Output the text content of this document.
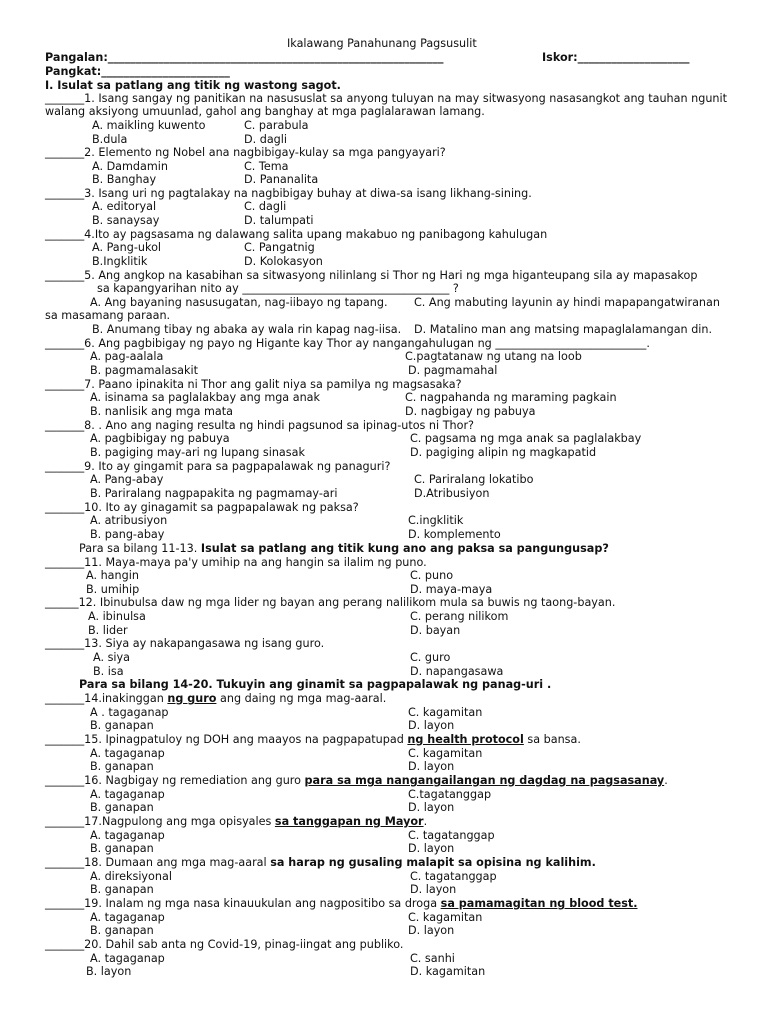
Ikalawang Panahunang Pagsusulit
Pangalan:____________________________________________________________	Iskor:____________________
Pangkat:_______________________
I. Isulat sa patlang ang titik ng wastong sagot.
_______1. Isang sangay ng panitikan na nasususlat sa anyong tuluyan na may sitwasyong nasasangkot ang tauhan ngunit
walang aksiyong umuunlad, gahol ang banghay at mga paglalarawan lamang.
A. maikling kuwento	C. parabula
B.dula	D. dagli
_______2. Elemento ng Nobel ana nagbibigay-kulay sa mga pangyayari?
A. Damdamin	C. Tema
B. Banghay	D. Pananalita
_______3. Isang uri ng pagtalakay na nagbibigay buhay at diwa-sa isang likhang-sining.
A. editoryal	C. dagli
B. sanaysay	D. talumpati
_______4.Ito ay pagsasama ng dalawang salita upang makabuo ng panibagong kahulugan
A. Pang-ukol	C. Pangatnig
B.Ingklitik	D. Kolokasyon
_______5. Ang angkop na kasabihan sa sitwasyong nilinlang si Thor ng Hari ng mga higanteupang sila ay mapasakop
sa kapangyarihan nito ay _____________________________________ ?
A. Ang bayaning nasusugatan, nag-iibayo ng tapang. C. Ang mabuting layunin ay hindi mapapangatwiranan
sa masamang paraan.
B. Anumang tibay ng abaka ay wala rin kapag nag-iisa. D. Matalino man ang matsing mapaglalamangan din.
_______6. Ang pagbibigay ng payo ng Higante kay Thor ay nangangahulugan ng ___________________________.
A. pag-aalala	C.pagtatanaw ng utang na loob
B. pagmamalasakit	D. pagmamahal
_______7. Paano ipinakita ni Thor ang galit niya sa pamilya ng magsasaka?
A. isinama sa paglalakbay ang mga anak	C. nagpahanda ng maraming pagkain
B. nanlisik ang mga mata	D. nagbigay ng pabuya
_______8. . Ano ang naging resulta ng hindi pagsunod sa ipinag-utos ni Thor?
A. pagbibigay ng pabuya	C. pagsama ng mga anak sa paglalakbay
B. pagiging may-ari ng lupang sinasak	D. pagiging alipin ng magkapatid
_______9. Ito ay gingamit para sa pagpapalawak ng panaguri?
A. Pang-abay	C. Pariralang lokatibo
B. Pariralang nagpapakita ng pagmamay-ari	D.Atribusiyon
_______10. Ito ay ginagamit sa pagpapalawak ng paksa?
A. atribusiyon	C.ingklitik
B. pang-abay	D. komplemento
Para sa bilang 11-13. Isulat sa patlang ang titik kung ano ang paksa sa pangungusap?
_______11. Maya-maya pa'y umihip na ang hangin sa ilalim ng puno.
A. hangin	C. puno
B. umihip	D. maya-maya
______12. Ibinubulsa daw ng mga lider ng bayan ang perang nalilikom mula sa buwis ng taong-bayan.
A. ibinulsa	C. perang nilikom
B. lider	D. bayan
_______13. Siya ay nakapangasawa ng isang guro.
A. siya	C. guro
B. isa	D. napangasawa
Para sa bilang 14-20. Tukuyin ang ginamit sa pagpapalawak ng panag-uri .
_______14.inakinggan ng guro ang daing ng mga mag-aaral.
A . tagaganap	C. kagamitan
B. ganapan	D. layon
_______15. Ipinagpatuloy ng DOH ang maayos na pagpapatupad ng health protocol sa bansa.
A. tagaganap	C. kagamitan
B. ganapan	D. layon
_______16. Nagbigay ng remediation ang guro para sa mga nangangailangan ng dagdag na pagsasanay.
A. tagaganap	C.tagatanggap
B. ganapan	D. layon
_______17.Nagpulong ang mga opisyales sa tanggapan ng Mayor.
A. tagaganap	C. tagatanggap
B. ganapan	D. layon
_______18. Dumaan ang mga mag-aaral sa harap ng gusaling malapit sa opisina ng kalihim.
A. direksiyonal	C. tagatanggap
B. ganapan	D. layon
_______19. Inalam ng mga nasa kinauukulan ang nagpositibo sa droga sa pamamagitan ng blood test.
A. tagaganap	C. kagamitan
B. ganapan	D. layon
_______20. Dahil sab anta ng Covid-19, pinag-iingat ang publiko.
A. tagaganap	C. sanhi
B. layon	D. kagamitan
